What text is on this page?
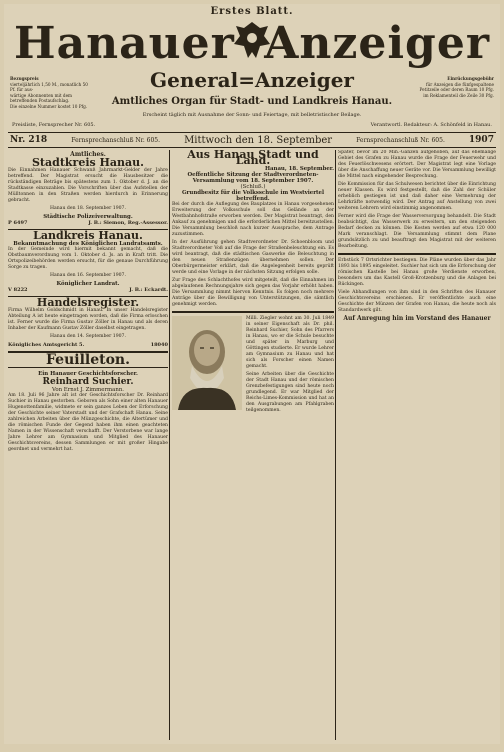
Erstes Blatt.
Hanauer Anzeiger
Bezugspreis
vierteljährlich 1,50 M., monatlich 50 Pf. für aus-
wärtige Abonnenten mit dem betreffenden Postaufschlag.
Die einzelne Nummer kostet 10 Pfg.
General=Anzeiger	Einrückungsgebühr
für Anzeigen die fünfgespaltene Petitzeile oder deren Raum 10 Pfg.
im Reklamenteil die Zeile 30 Pfg.
Amtliches Organ für Stadt- und Landkreis Hanau.
Erscheint täglich mit Ausnahme der Sonn- und Feiertage, mit belletristischer Beilage.
Preisliste, Fernsprecher Nr. 605.	Verantwortl. Redakteur: A. Schönfeld in Hanau.
Nr. 218	Fernsprechanschluß Nr. 605. Mittwoch den 18. September	Fernsprechanschluß Nr. 605.	1907
Amtliches.
Stadtkreis Hanau.
Die Einnahmen Hanauer Schwanß Jahrmarkt-Gelder der Jahre betreffend. Der Magistrat ersucht die Hausbesitzer die rückständigen Beträge bis spätestens zum 1. Oktober d. J. an die Stadtkasse einzuzahlen. Die Vorschriften über das Aufstellen der Mülltonnen in den Straßen werden hierdurch in Erinnerung gebracht.
Hanau den 18. September 1907.
Städtische Polizeiverwaltung.
P 6497	J. B.: Siemon, Reg.-Assessor.
Landkreis Hanau.
Bekanntmachung des Königlichen Landratsamts.
In der Gemeinde wird hiermit bekannt gemacht, daß die Obstbaumverordnung vom 1. Oktober d. Js. an in Kraft tritt. Die Ortspolizeibehörden werden ersucht, für die genaue Durchführung Sorge zu tragen.
Hanau den 16. September 1907.
Königlicher Landrat.
V 8222	J. B.: Eckardt.
Handelsregister.
Firma Wilhelm Goldschmidt in Hanau. In unser Handelsregister Abteilung A ist heute eingetragen worden, daß die Firma erloschen ist. Ferner wurde die Firma Gustav Zöller in Hanau und als deren Inhaber der Kaufmann Gustav Zöller daselbst eingetragen.
Hanau den 14. September 1907.
Königliches Amtsgericht 5.	18040
Feuilleton.
Ein Hanauer Geschichtsforscher.
Reinhard Suchier.
Von Ernst J. Zimmermann.
Am 18. Juli 96 Jahre alt ist der Geschichtsforscher Dr. Reinhard Suchier in Hanau gestorben. Geboren als Sohn einer alten Hanauer Hugenottenfamilie, widmete er sein ganzes Leben der Erforschung der Geschichte seiner Vaterstadt und der Grafschaft Hanau. Seine zahlreichen Arbeiten über die Münzgeschichte, die Altertümer und die römischen Funde der Gegend haben ihm einen geachteten Namen in der Wissenschaft verschafft. Der Verstorbene war lange Jahre Lehrer am Gymnasium und Mitglied des Hanauer Geschichtsvereins, dessen Sammlungen er mit großer Hingabe geordnet und vermehrt hat.
Aus Hanau Stadt und Land.
Hanau, 18. September.
Oeffentliche Sitzung der Stadtverordneten-Versammlung vom 18. September 1907.
(Schluß.)
Grundbesitz für die Volksschule im Westviertel betreffend.
Bei der durch die Auflegung des Bauplatzes in Hanau vorgesehenen Erweiterung der Volksschule soll das Gelände an der Westbahnhofstraße erworben werden. Der Magistrat beantragt, den Ankauf zu genehmigen und die erforderlichen Mittel bereitzustellen. Die Versammlung beschloß nach kurzer Aussprache, dem Antrage zuzustimmen.
In der Ausführung gehen Stadtverordneter Dr. Schoenbloom und Stadtverordneter Voß auf die Frage der Straßenbeleuchtung ein. Es wird beantragt, daß die städtischen Gaswerke die Beleuchtung in den neuen Straßenzügen übernehmen sollen. Der Oberbürgermeister erklärt, daß die Angelegenheit bereits geprüft werde und eine Vorlage in der nächsten Sitzung erfolgen solle.
Zur Frage des Schlachthofes wird mitgeteilt, daß die Einnahmen im abgelaufenen Rechnungsjahre sich gegen das Vorjahr erhöht haben. Die Versammlung nimmt hiervon Kenntnis. Es folgen noch mehrere Anträge über die Bewilligung von Unterstützungen, die sämtlich genehmigt werden.
Milli. Ziegler wohnt am 30. Juli 1849 in seiner Eigenschaft als Dr. phil. Reinhard Suchier, Sohn des Pfarrers in Hanau, wo er die Schule besuchte und später in Marburg und Göttingen studierte. Er wurde Lehrer am Gymnasium zu Hanau und hat sich als Forscher einen Namen gemacht.
Seine Arbeiten über die Geschichte der Stadt Hanau und der römischen Grenzbefestigungen sind heute noch grundlegend. Er war Mitglied der Reichs-Limes-Kommission und hat an den Ausgrabungen am Pfahlgraben teilgenommen.
Später, bevor im 20 Min.-Ganzen aufgehoben, auf das ehemalige Gebiet des Grafen zu Hanau wurde die Frage der Feuerwehr und des Feuerlöschwesens erörtert. Der Magistrat legt eine Vorlage über die Anschaffung neuer Geräte vor. Die Versammlung bewilligt die Mittel nach eingehender Besprechung.
Die Kommission für das Schulwesen berichtet über die Einrichtung neuer Klassen. Es wird festgestellt, daß die Zahl der Schüler erheblich gestiegen ist und daß daher eine Vermehrung der Lehrkräfte notwendig wird. Der Antrag auf Anstellung von zwei weiteren Lehrern wird einstimmig angenommen.
Ferner wird die Frage der Wasserversorgung behandelt. Die Stadt beabsichtigt, das Wasserwerk zu erweitern, um den steigenden Bedarf decken zu können. Die Kosten werden auf etwa 120 000 Mark veranschlagt. Die Versammlung stimmt dem Plane grundsätzlich zu und beauftragt den Magistrat mit der weiteren Bearbeitung.
Erbstück 7 Ortsrichter bestiegen. Die Pläne wurden über das Jahr 1893 bis 1895 eingeleitet. Suchier hat sich um die Erforschung der römischen Kastelle bei Hanau große Verdienste erworben, besonders um das Kastell Groß-Krotzenburg und die Anlagen bei Rückingen.
Viele Abhandlungen von ihm sind in den Schriften des Hanauer Geschichtsvereins erschienen. Er veröffentlichte auch eine Geschichte der Münzen der Grafen von Hanau, die heute noch als Standardwerk gilt.
Auf Anregung hin im Vorstand des Hanauer
